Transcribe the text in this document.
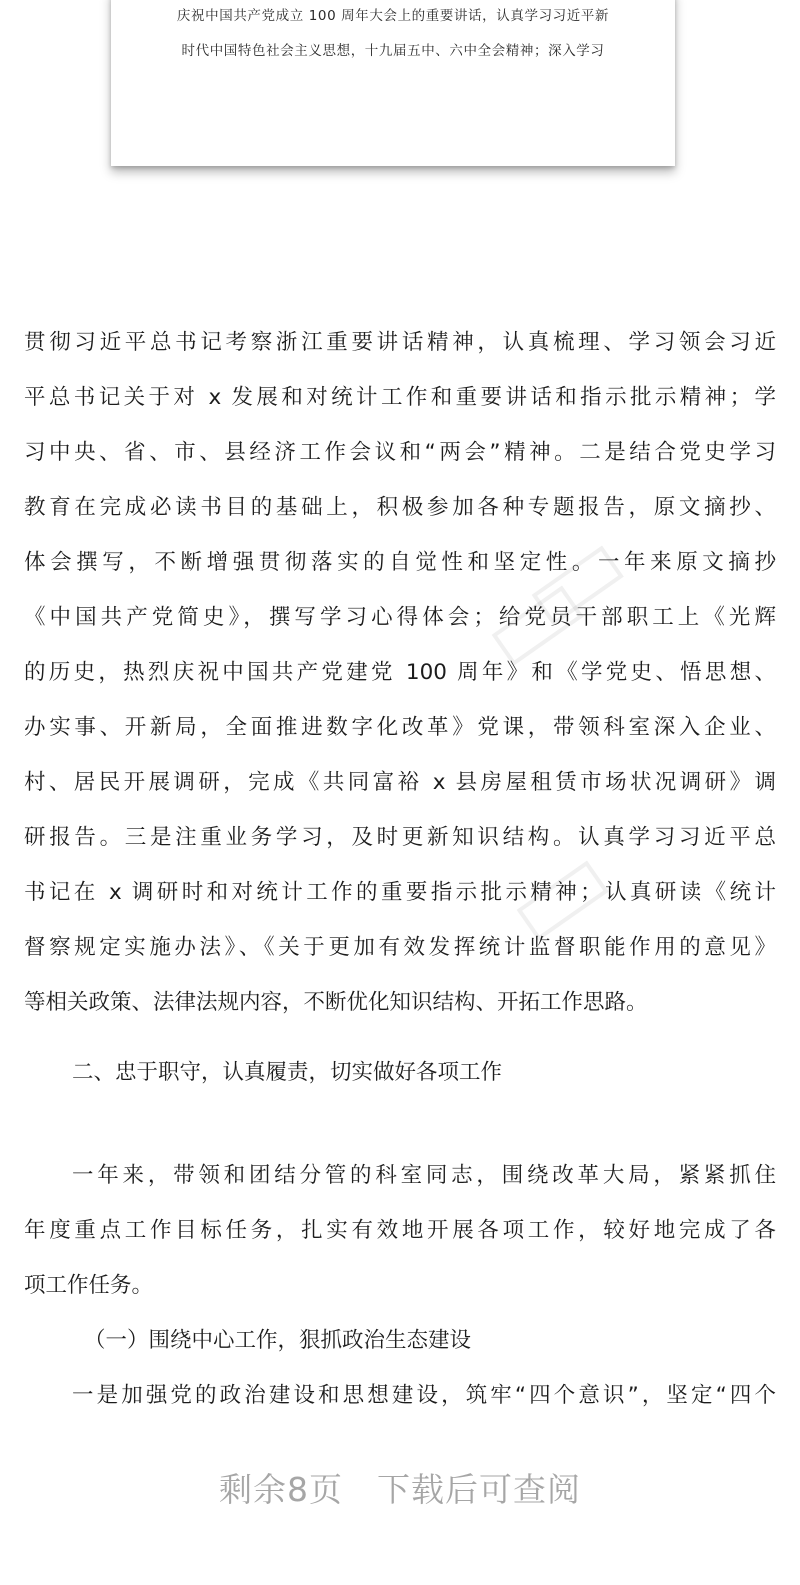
庆祝中国共产党成立 100 周年大会上的重要讲话，认真学习习近平新
时代中国特色社会主义思想，十九届五中、六中全会精神；深入学习
贯彻习近平总书记考察浙江重要讲话精神，认真梳理、学习领会习近
平总书记关于对 x 发展和对统计工作和重要讲话和指示批示精神；学
习中央、省、市、县经济工作会议和“两会”精神。二是结合党史学习
教育在完成必读书目的基础上，积极参加各种专题报告，原文摘抄、
体会撰写，不断增强贯彻落实的自觉性和坚定性。一年来原文摘抄
《中国共产党简史》，撰写学习心得体会；给党员干部职工上《光辉
的历史，热烈庆祝中国共产党建党 100 周年》和《学党史、悟思想、
办实事、开新局，全面推进数字化改革》党课，带领科室深入企业、
村、居民开展调研，完成《共同富裕 x 县房屋租赁市场状况调研》调
研报告。三是注重业务学习，及时更新知识结构。认真学习习近平总
书记在 x 调研时和对统计工作的重要指示批示精神；认真研读《统计
督察规定实施办法》、《关于更加有效发挥统计监督职能作用的意见》
等相关政策、法律法规内容，不断优化知识结构、开拓工作思路。
二、忠于职守，认真履责，切实做好各项工作
一年来，带领和团结分管的科室同志，围绕改革大局，紧紧抓住
年度重点工作目标任务，扎实有效地开展各项工作，较好地完成了各
项工作任务。
（一）围绕中心工作，狠抓政治生态建设
一是加强党的政治建设和思想建设，筑牢“四个意识”，坚定“四个
剩余8页 下载后可查阅
